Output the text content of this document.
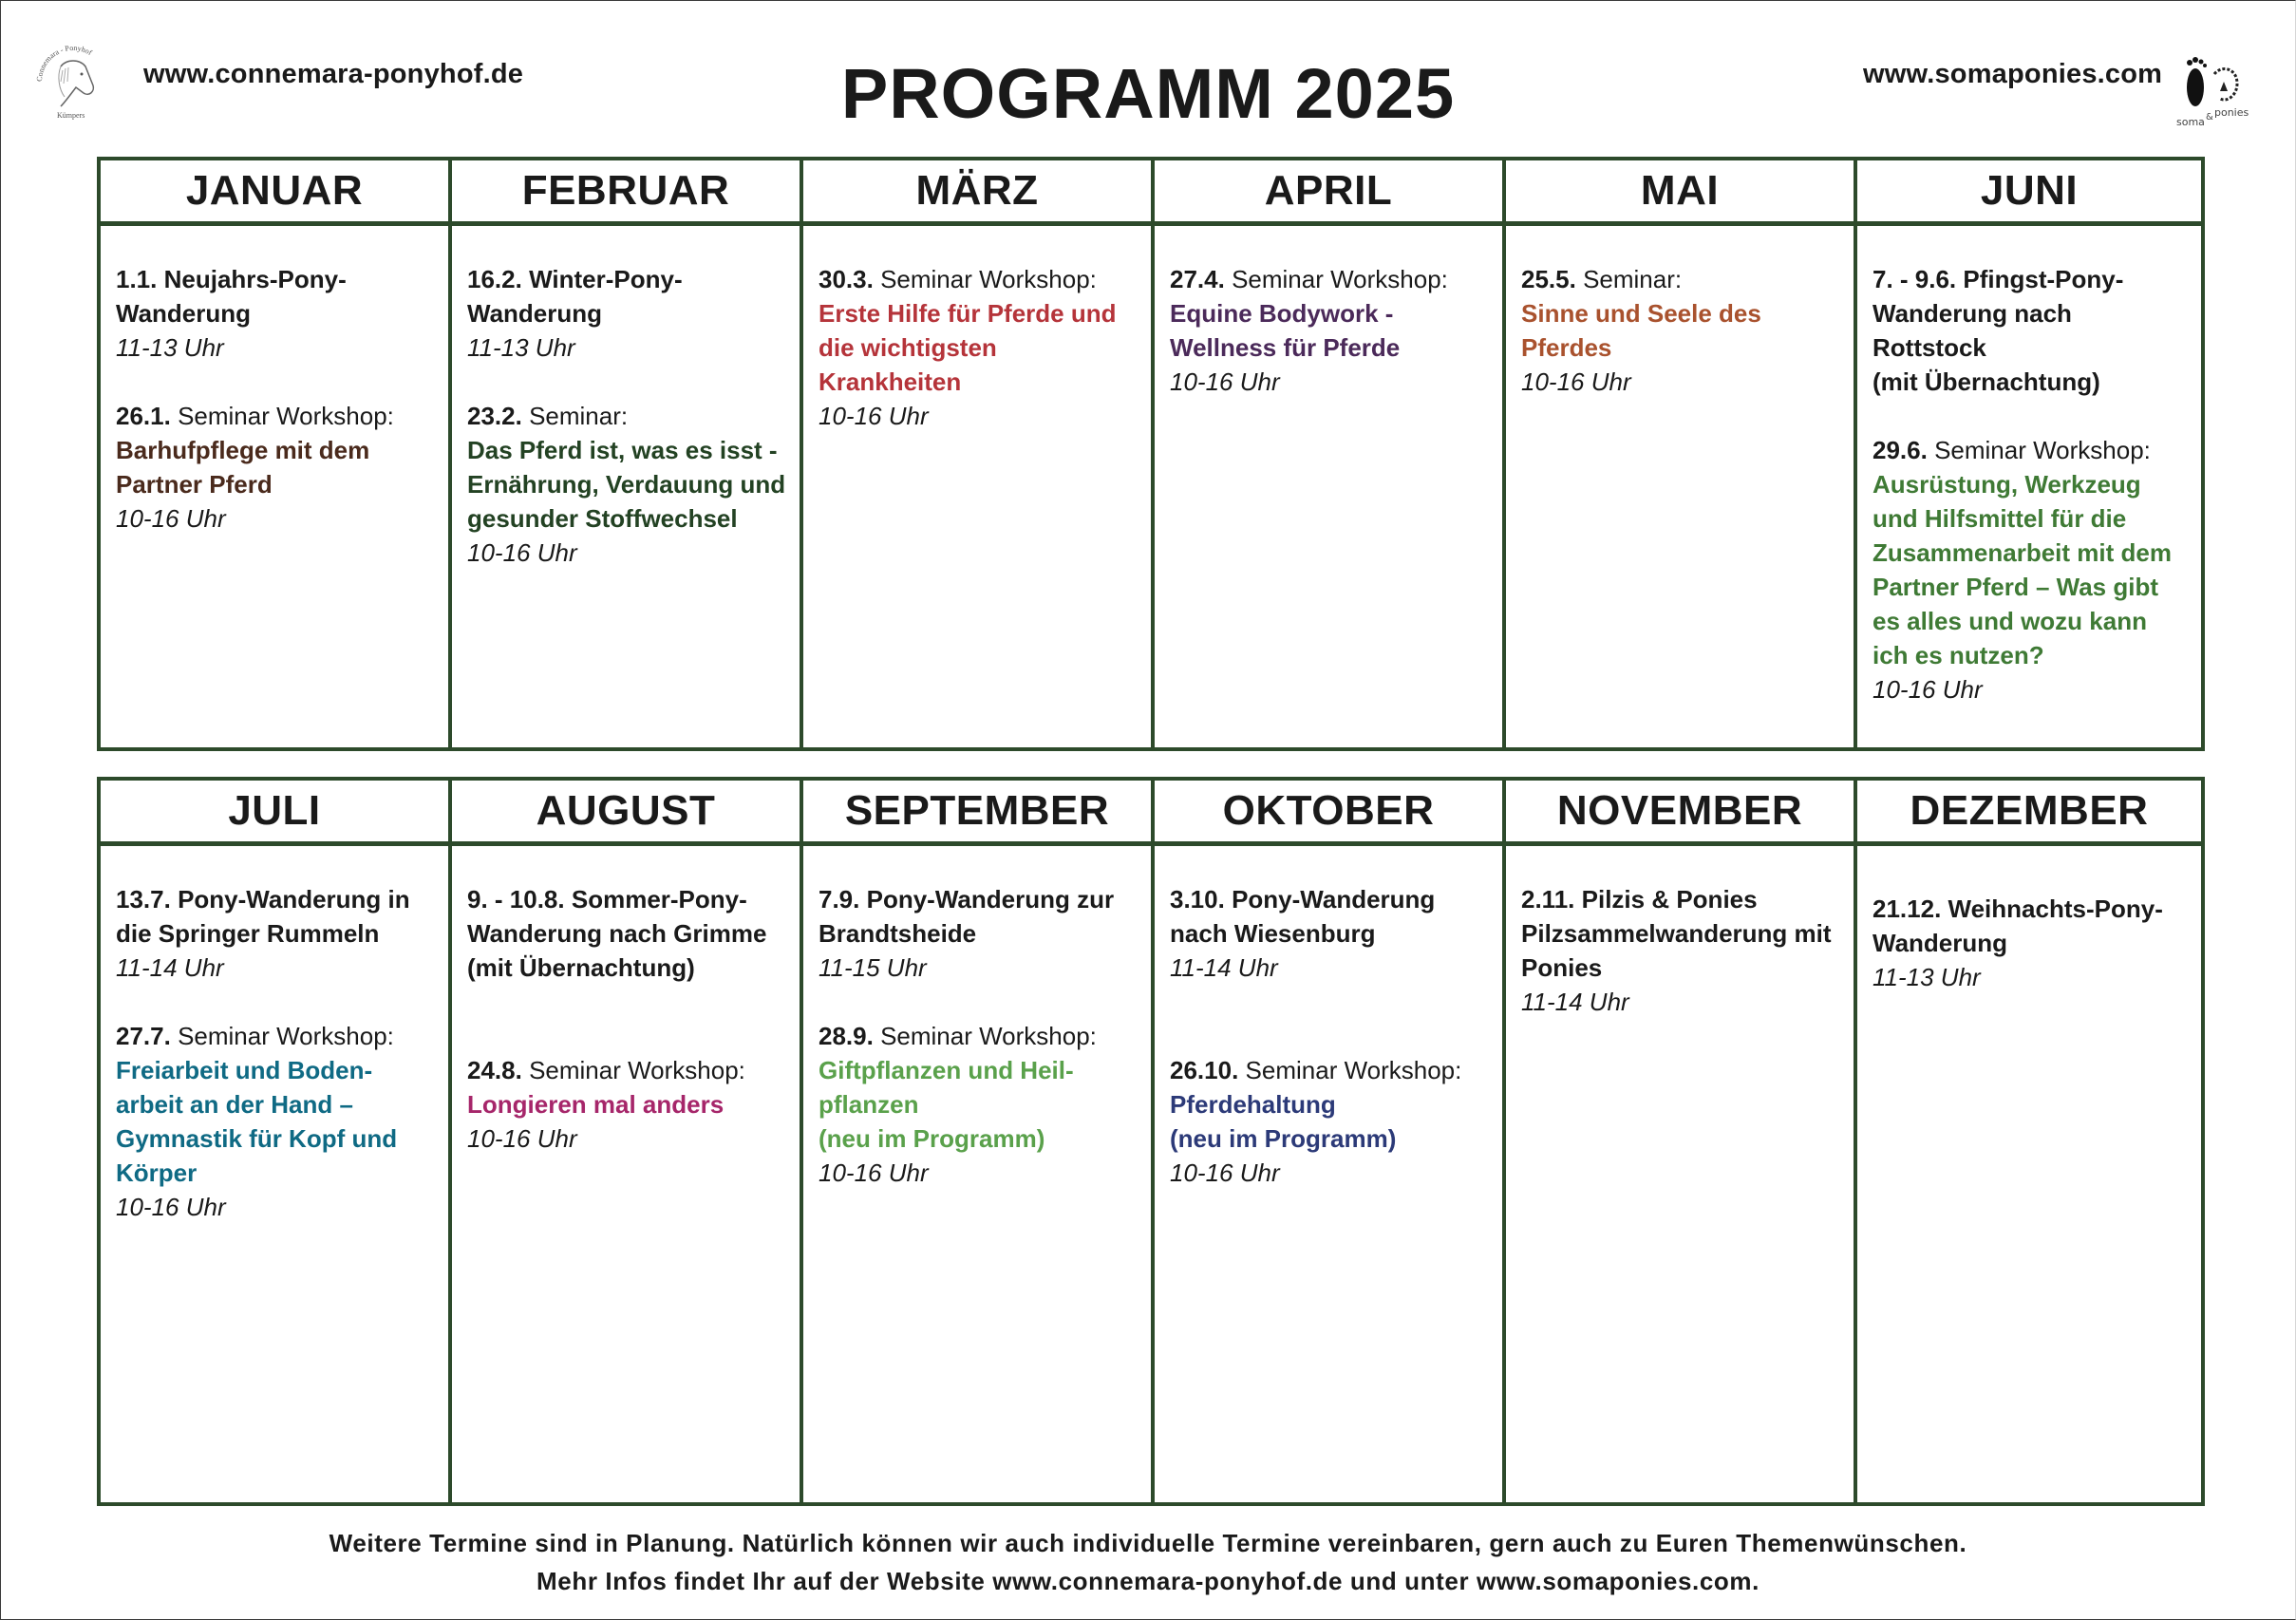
Connemara - Ponyhof
Kümpers
www.connemara-ponyhof.de	PROGRAMM 2025	www.somaponies.com
soma & ponies
JANUAR
1.1. Neujahrs-Pony-Wanderung
11-13 Uhr
26.1. Seminar Workshop:
Barhufpflege mit dem Partner Pferd
10-16 Uhr
FEBRUAR
16.2. Winter-Pony-Wanderung
11-13 Uhr
23.2. Seminar:
Das Pferd ist, was es isst - Ernährung, Verdauung und gesunder Stoffwechsel
10-16 Uhr
MÄRZ
30.3. Seminar Workshop:
Erste Hilfe für Pferde und die wichtigsten Krankheiten
10-16 Uhr
APRIL
27.4. Seminar Workshop:
Equine Bodywork - Wellness für Pferde
10-16 Uhr
MAI
25.5. Seminar:
Sinne und Seele des Pferdes
10-16 Uhr
JUNI
7. - 9.6. Pfingst-Pony-Wanderung nach Rottstock
(mit Übernachtung)
29.6. Seminar Workshop:
Ausrüstung, Werkzeug und Hilfsmittel für die Zusammenarbeit mit dem Partner Pferd – Was gibt es alles und wozu kann ich es nutzen?
10-16 Uhr
JULI
13.7. Pony-Wanderung in die Springer Rummeln
11-14 Uhr
27.7. Seminar Workshop:
Freiarbeit und Boden-arbeit an der Hand – Gymnastik für Kopf und Körper
10-16 Uhr
AUGUST
9. - 10.8. Sommer-Pony-Wanderung nach Grimme
(mit Übernachtung)
24.8. Seminar Workshop:
Longieren mal anders
10-16 Uhr
SEPTEMBER
7.9. Pony-Wanderung zur Brandtsheide
11-15 Uhr
28.9. Seminar Workshop:
Giftpflanzen und Heil-pflanzen
(neu im Programm)
10-16 Uhr
OKTOBER
3.10. Pony-Wanderung nach Wiesenburg
11-14 Uhr
26.10. Seminar Workshop:
Pferdehaltung
(neu im Programm)
10-16 Uhr
NOVEMBER
2.11. Pilzis & Ponies Pilzsammelwanderung mit Ponies
11-14 Uhr
DEZEMBER
21.12. Weihnachts-Pony-Wanderung
11-13 Uhr
Weitere Termine sind in Planung. Natürlich können wir auch individuelle Termine vereinbaren, gern auch zu Euren Themenwünschen.
Mehr Infos findet Ihr auf der Website www.connemara-ponyhof.de und unter www.somaponies.com.
